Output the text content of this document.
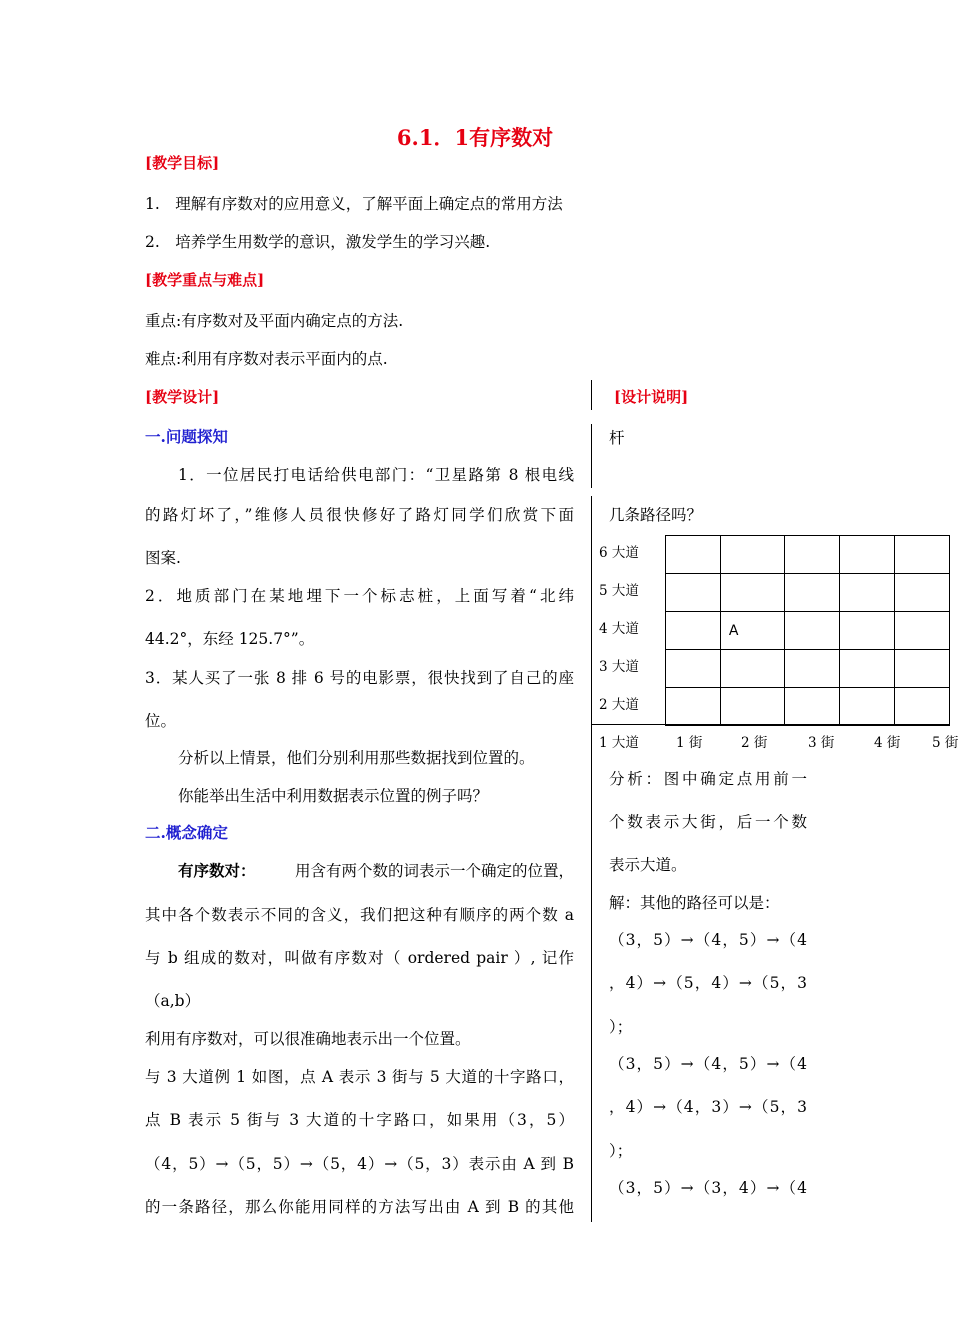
6.1．1有序数对
[教学目标]
1.　理解有序数对的应用意义，了解平面上确定点的常用方法
2.　培养学生用数学的意识，激发学生的学习兴趣.
[教学重点与难点]
重点:有序数对及平面内确定点的方法.
难点:利用有序数对表示平面内的点.
[教学设计]	[设计说明]
一.问题探知
1．一位居民打电话给供电部门：“卫星路第 8 根电线
的路灯坏了，”维修人员很快修好了路灯同学们欣赏下面
图案.
2．地质部门在某地埋下一个标志桩，上面写着“北纬
44.2°，东经 125.7°”。
3．某人买了一张 8 排 6 号的电影票，很快找到了自己的座
位。
分析以上情景，他们分别利用那些数据找到位置的。
你能举出生活中利用数据表示位置的例子吗？
二.概念确定
有序数对：	用含有两个数的词表示一个确定的位置，
其中各个数表示不同的含义，我们把这种有顺序的两个数 a
与 b 组成的数对，叫做有序数对（ ordered pair ）, 记作
（a,b）
利用有序数对，可以很准确地表示出一个位置。
与 3 大道例 1 如图，点 A 表示 3 街与 5 大道的十字路口，
点 B 表示 5 街与 3 大道的十字路口，如果用（3，5）
（4，5）→（5，5）→（5，4）→（5，3）表示由 A 到 B
的一条路径，那么你能用同样的方法写出由 A 到 B 的其他
杆
几条路径吗？
6 大道
5 大道
4 大道
3 大道
2 大道
1 大道	1 街	2 街	3 街	4 街 5 街

	A			

分析：图中确定点用前一
个数表示大街，后一个数
表示大道。
解：其他的路径可以是：
（3，5）→（4，5）→（4
，4）→（5，4）→（5，3
）；
（3，5）→（4，5）→（4
，4）→（4，3）→（5，3
）；
（3，5）→（3，4）→（4
